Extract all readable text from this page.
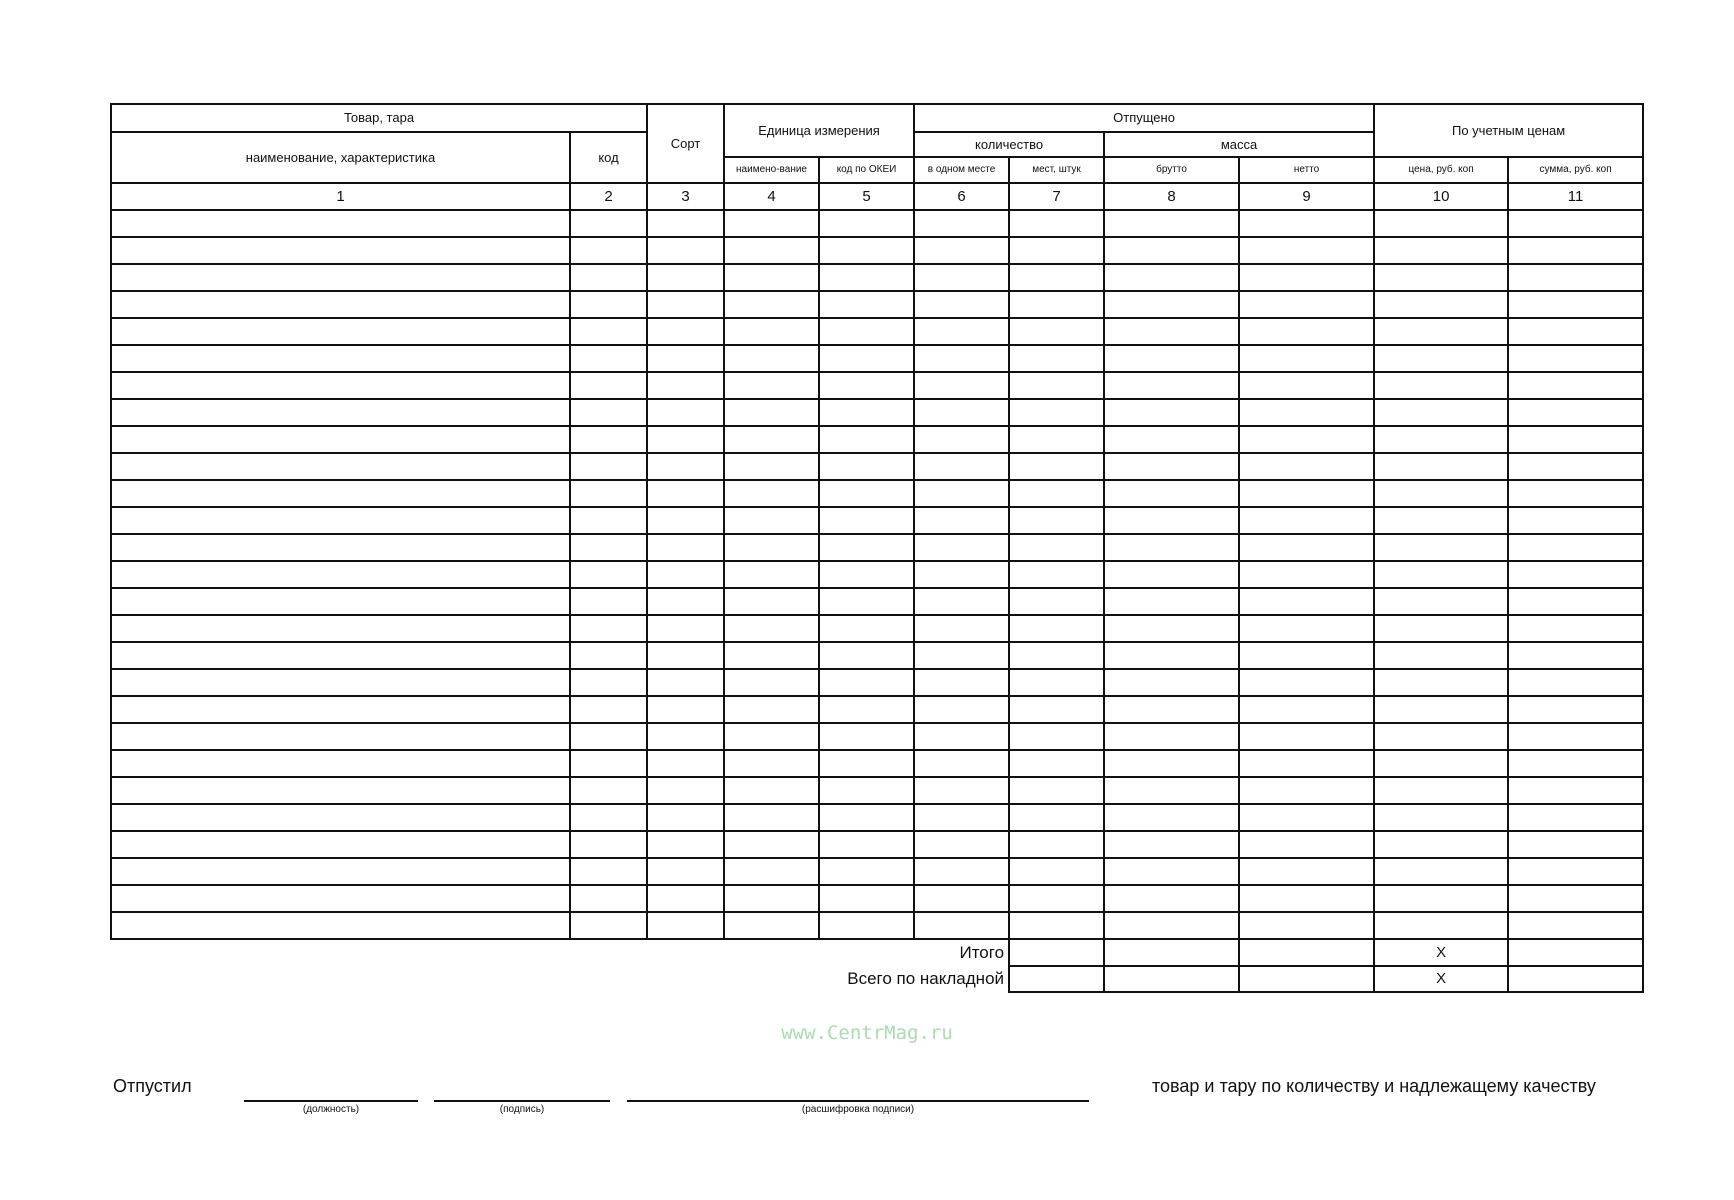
Товар, тара		Сорт	Единица измерения		Отпущено				По учетным ценам	
наименование, характеристика	код				количество		масса			
			наимено-вание	код по ОКЕИ	в одном месте	мест, штук	брутто	нетто	цена, руб. коп	сумма, руб. коп
1	2	3	4	5	6	7	8	9	10	11

Итого									X	
Всего по накладной									X	
www.CentrMag.ru
Отпустил
(должность)	(подпись)	(расшифровка подписи)
товар и тару по количеству и надлежащему качеству
